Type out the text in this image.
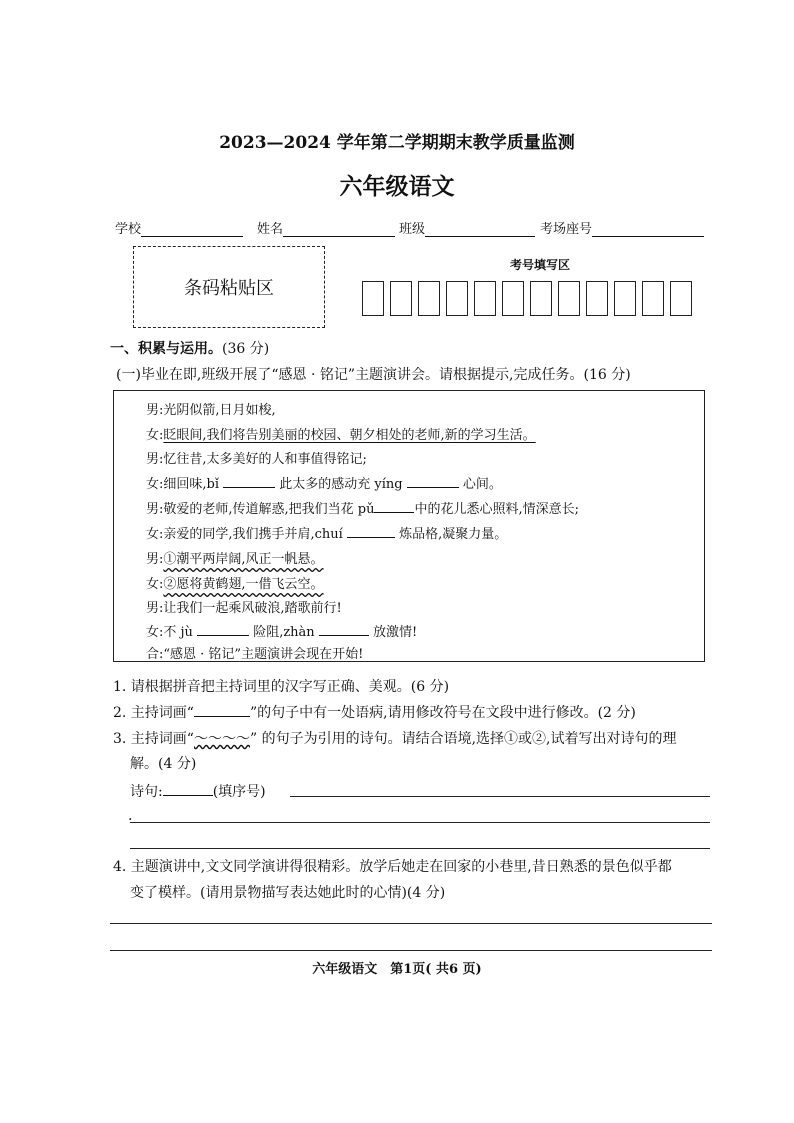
2023—2024 学年第二学期期末教学质量监测
六年级语文
学校	姓名	班级	考场座号
条码粘贴区
考号填写区
一、积累与运用。(36 分)
(一)毕业在即,班级开展了“感恩 · 铭记”主题演讲会。请根据提示,完成任务。(16 分)
男:光阴似箭,日月如梭,
女:眨眼间,我们将告别美丽的校园、朝夕相处的老师,新的学习生活。
男:忆往昔,太多美好的人和事值得铭记;
女:细回味,bǐ	此太多的感动充 yíng	心间。
男:敬爱的老师,传道解惑,把我们当花 pǔ	中的花儿悉心照料,情深意长;
女:亲爱的同学,我们携手并肩,chuí	炼品格,凝聚力量。
男:①潮平两岸阔,风正一帆悬。
女:②愿将黄鹤翅,一借飞云空。
男:让我们一起乘风破浪,踏歌前行!
女:不 jù	险阻,zhàn	放激情!
合:“感恩 · 铭记”主题演讲会现在开始!
1. 请根据拼音把主持词里的汉字写正确、美观。(6 分)
2. 主持词画“	”的句子中有一处语病,请用修改符号在文段中进行修改。(2 分)
3. 主持词画“～～～～” 的句子为引用的诗句。请结合语境,选择①或②,试着写出对诗句的理
解。(4 分)
诗句:	(填序号)
·
4. 主题演讲中,文文同学演讲得很精彩。放学后她走在回家的小巷里,昔日熟悉的景色似乎都
变了模样。(请用景物描写表达她此时的心情)(4 分)
六年级语文　第1页( 共6 页)
